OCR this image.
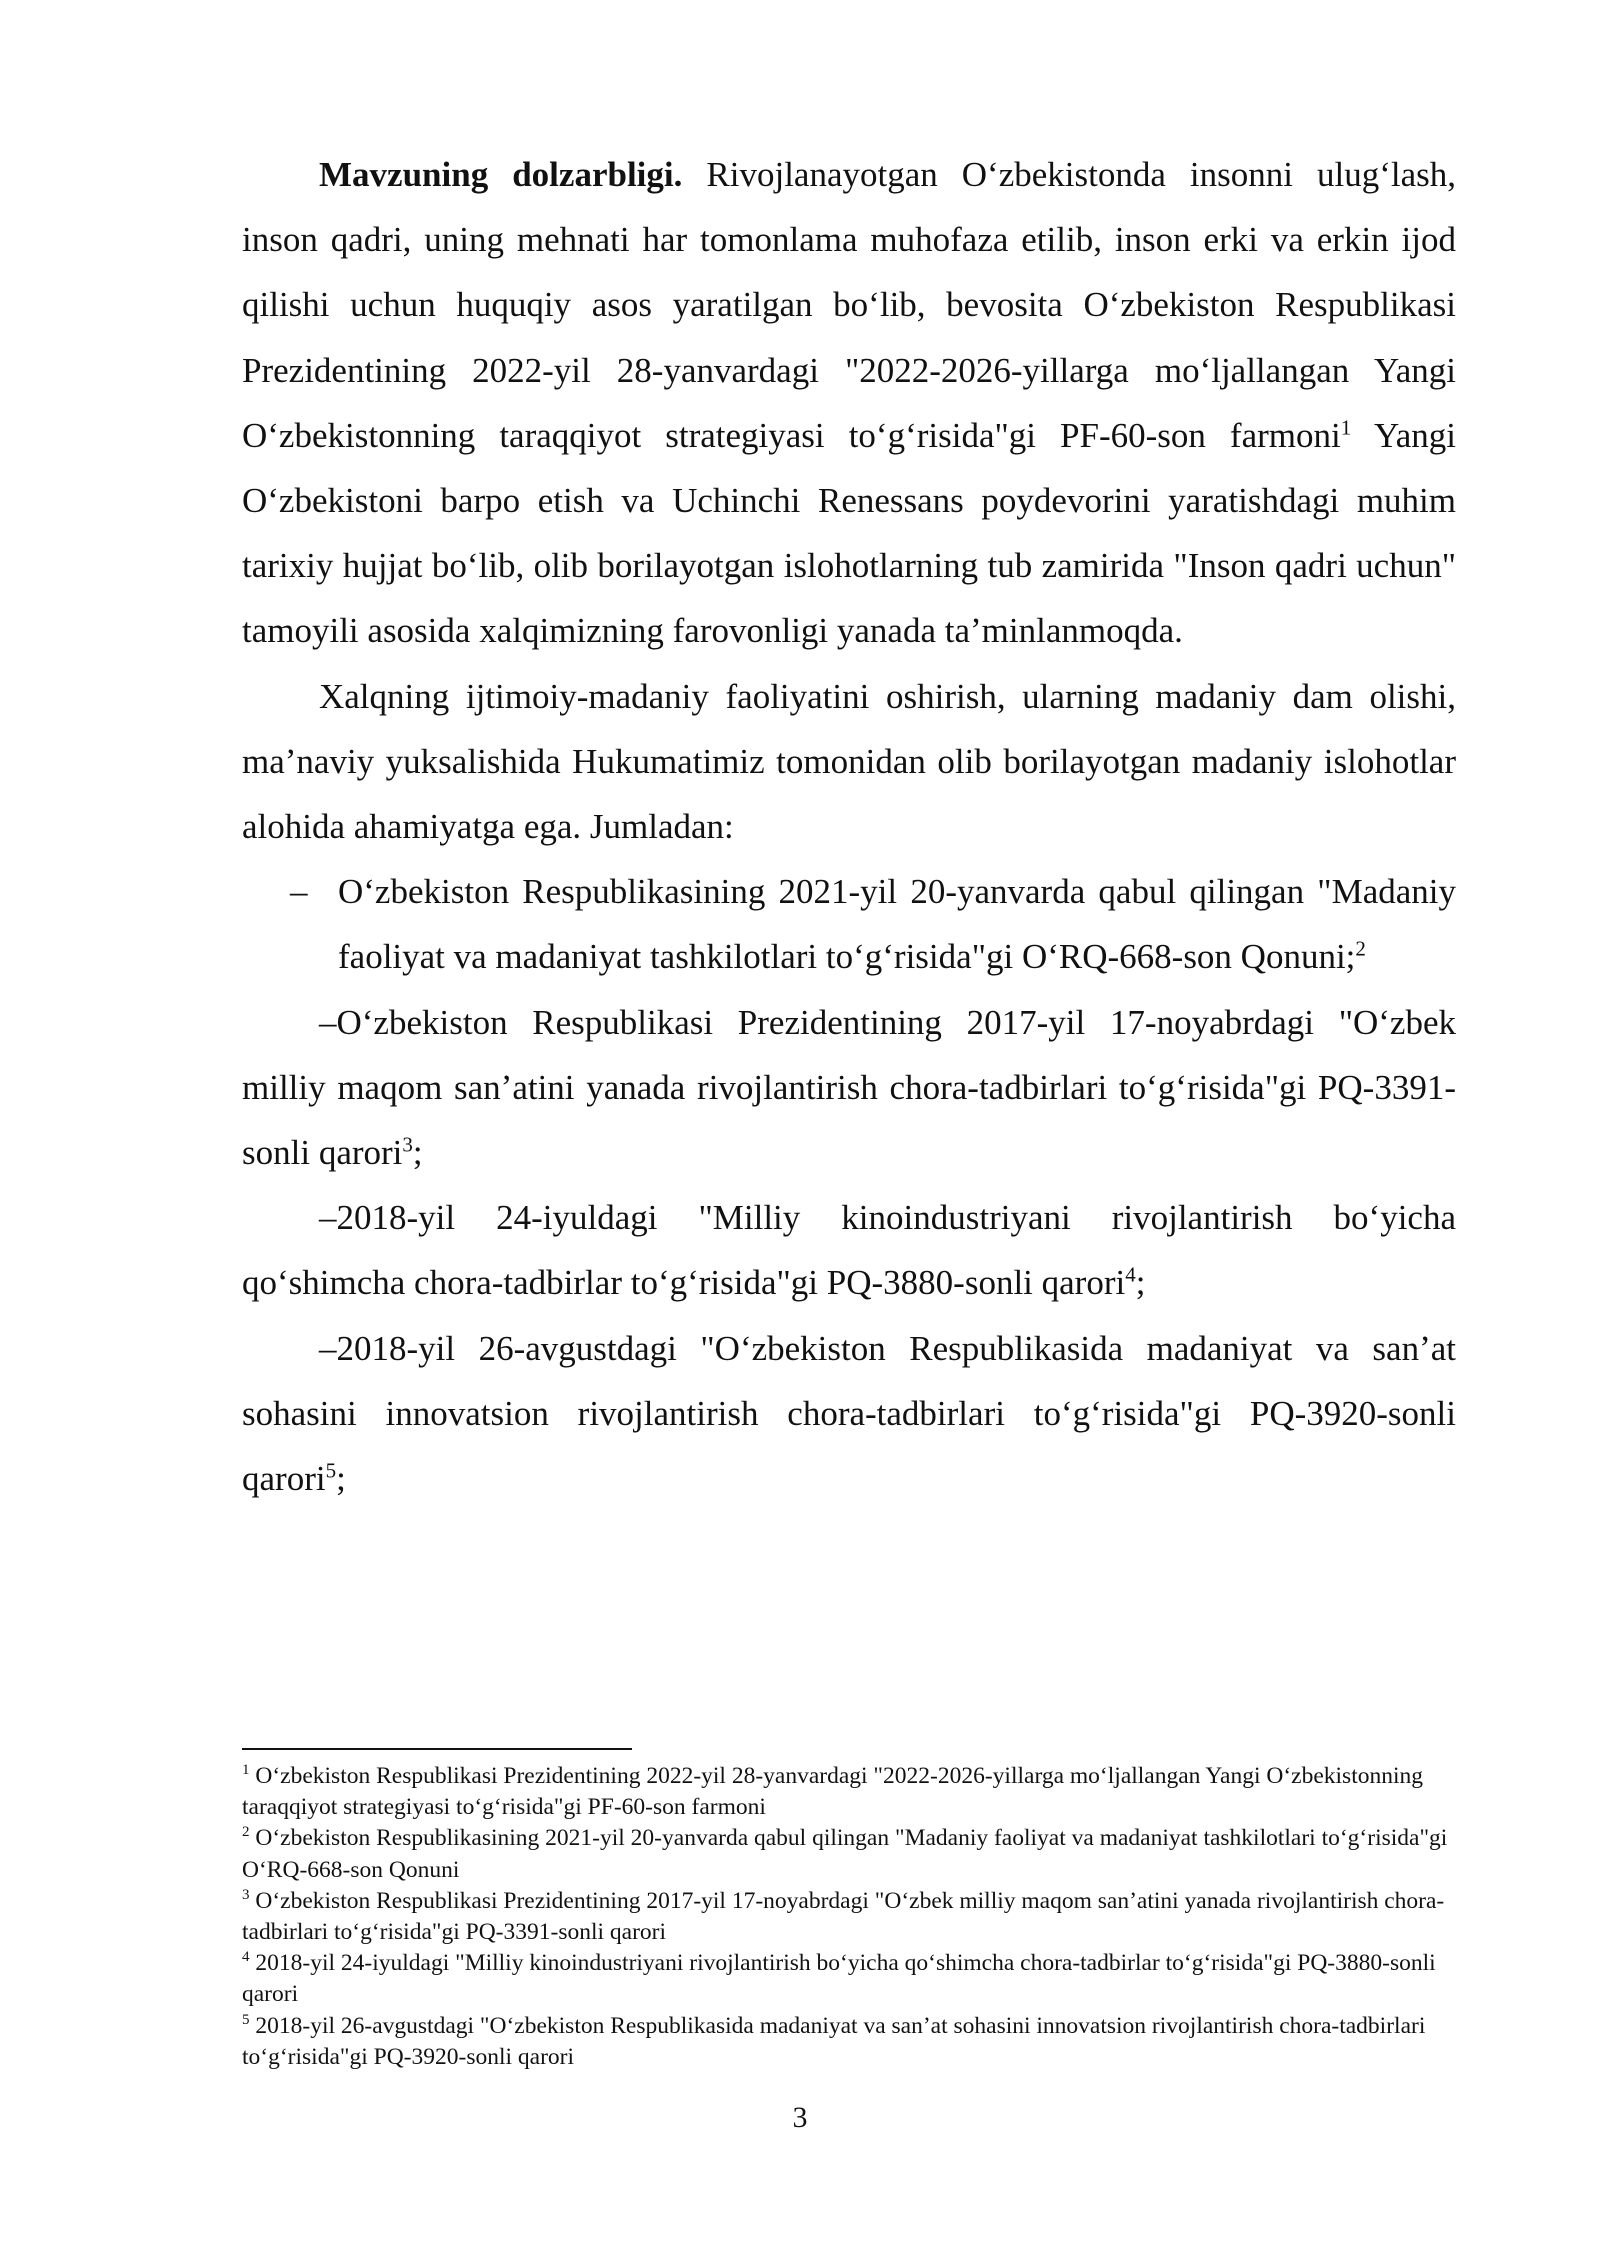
Mavzuning dolzarbligi. Rivojlanayotgan Oʻzbekistonda insonni ulugʻlash, inson qadri, uning mehnati har tomonlama muhofaza etilib, inson erki va erkin ijod qilishi uchun huquqiy asos yaratilgan boʻlib, bevosita Oʻzbekiston Respublikasi Prezidentining 2022-yil 28-yanvardagi "2022-2026-yillarga moʻljallangan Yangi Oʻzbekistonning taraqqiyot strategiyasi toʻgʻrisida"gi PF-60-son farmoni$^1$ Yangi Oʻzbekistoni barpo etish va Uchinchi Renessans poydevorini yaratishdagi muhim tarixiy hujjat boʻlib, olib borilayotgan islohotlarning tub zamirida "Inson qadri uchun" tamoyili asosida xalqimizning farovonligi yanada taʼminlanmoqda.

Xalqning ijtimoiy-madaniy faoliyatini oshirish, ularning madaniy dam olishi, maʼnaviy yuksalishida Hukumatimiz tomonidan olib borilayotgan madaniy islohotlar alohida ahamiyatga ega. Jumladan:

– Oʻzbekiston Respublikasining 2021-yil 20-yanvarda qabul qilingan "Madaniy faoliyat va madaniyat tashkilotlari toʻgʻrisida"gi OʻRQ-668-son Qonuni;$^2$

–Oʻzbekiston Respublikasi Prezidentining 2017-yil 17-noyabrdagi "Oʻzbek milliy maqom sanʼatini yanada rivojlantirish chora-tadbirlari toʻgʻrisida"gi PQ-3391-sonli qarori$^3$;

–2018-yil 24-iyuldagi "Milliy kinoindustriyani rivojlantirish boʻyicha qoʻshimcha chora-tadbirlar toʻgʻrisida"gi PQ-3880-sonli qarori$^4$;

–2018-yil 26-avgustdagi "Oʻzbekiston Respublikasida madaniyat va sanʼat sohasini innovatsion rivojlantirish chora-tadbirlari toʻgʻrisida"gi PQ-3920-sonli qarori$^5$;

$^1$ Oʻzbekiston Respublikasi Prezidentining 2022-yil 28-yanvardagi "2022-2026-yillarga moʻljallangan Yangi Oʻzbekistonning taraqqiyot strategiyasi toʻgʻrisida"gi PF-60-son farmoni

$^2$ Oʻzbekiston Respublikasining 2021-yil 20-yanvarda qabul qilingan "Madaniy faoliyat va madaniyat tashkilotlari toʻgʻrisida"gi OʻRQ-668-son Qonuni

$^3$ Oʻzbekiston Respublikasi Prezidentining 2017-yil 17-noyabrdagi "Oʻzbek milliy maqom sanʼatini yanada rivojlantirish chora-tadbirlari toʻgʻrisida"gi PQ-3391-sonli qarori

$^4$ 2018-yil 24-iyuldagi "Milliy kinoindustriyani rivojlantirish boʻyicha qoʻshimcha chora-tadbirlar toʻgʻrisida"gi PQ-3880-sonli qarori

$^5$ 2018-yil 26-avgustdagi "Oʻzbekiston Respublikasida madaniyat va sanʼat sohasini innovatsion rivojlantirish chora-tadbirlari toʻgʻrisida"gi PQ-3920-sonli qarori

3
